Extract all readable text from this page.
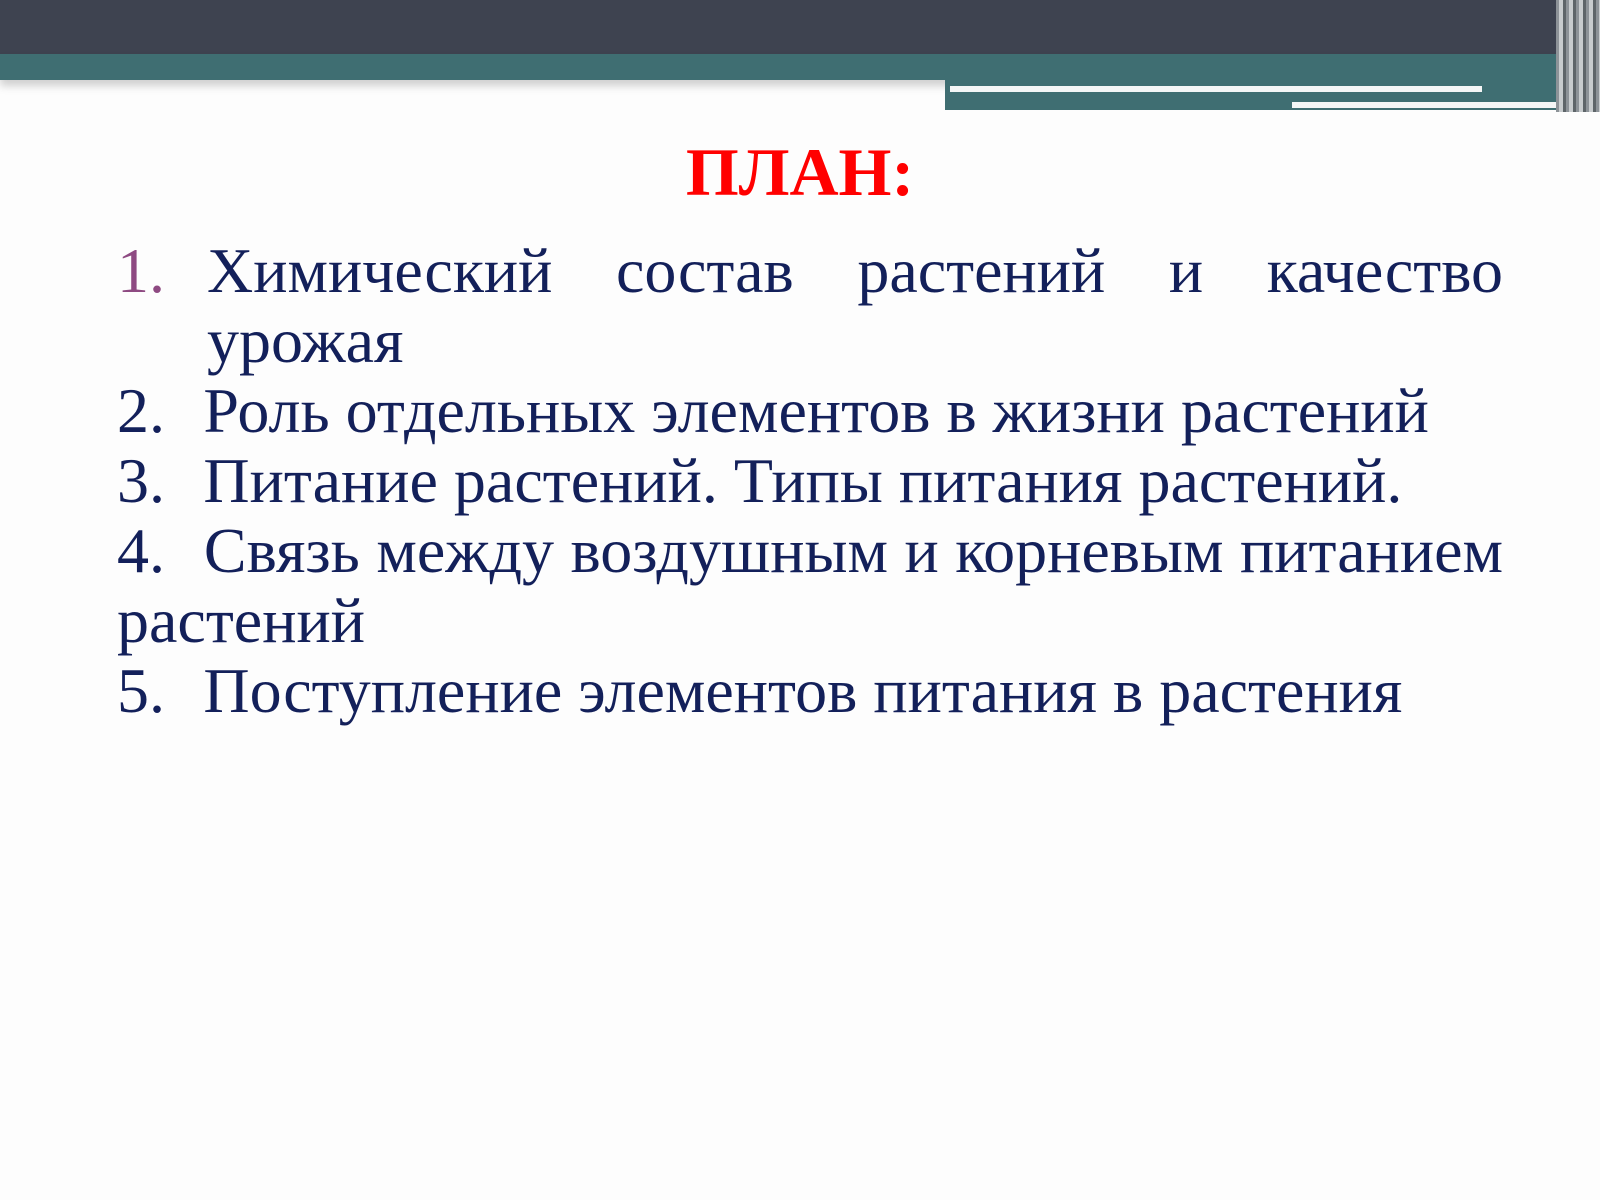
ПЛАН:
1. Химический состав растений и качество урожая
2. Роль отдельных элементов в жизни растений
3. Питание растений. Типы питания растений.
4. Связь между воздушным и корневым питанием растений
5. Поступление элементов питания в растения
